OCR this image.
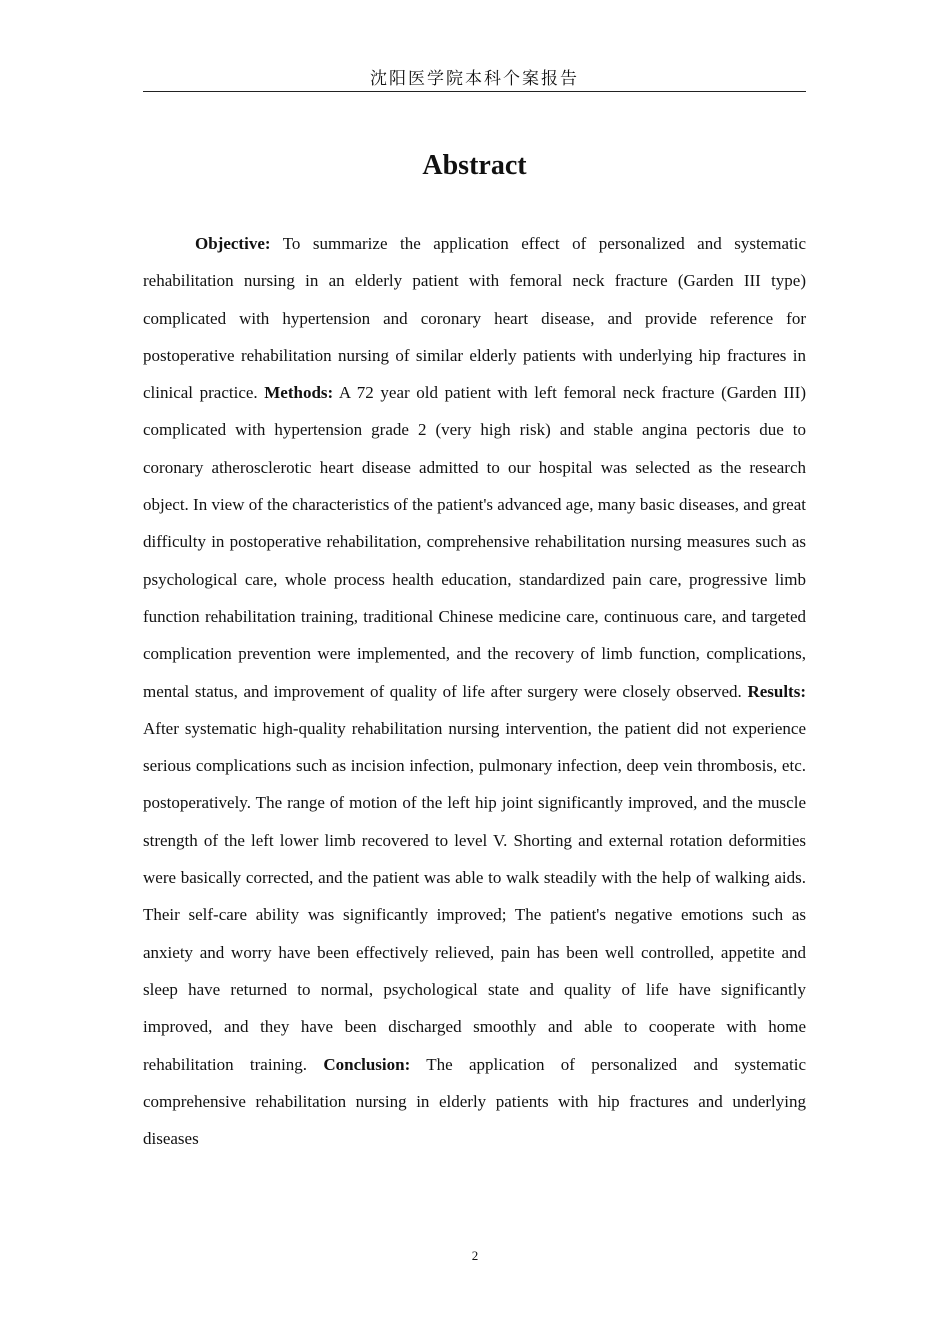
沈阳医学院本科个案报告
Abstract

Objective: To summarize the application effect of personalized and systematic rehabilitation nursing in an elderly patient with femoral neck fracture (Garden III type) complicated with hypertension and coronary heart disease, and provide reference for postoperative rehabilitation nursing of similar elderly patients with underlying hip fractures in clinical practice. Methods: A 72 year old patient with left femoral neck fracture (Garden III) complicated with hypertension grade 2 (very high risk) and stable angina pectoris due to coronary atherosclerotic heart disease admitted to our hospital was selected as the research object. In view of the characteristics of the patient's advanced age, many basic diseases, and great difficulty in postoperative rehabilitation, comprehensive rehabilitation nursing measures such as psychological care, whole process health education, standardized pain care, progressive limb function rehabilitation training, traditional Chinese medicine care, continuous care, and targeted complication prevention were implemented, and the recovery of limb function, complications, mental status, and improvement of quality of life after surgery were closely observed. Results: After systematic high-quality rehabilitation nursing intervention, the patient did not experience serious complications such as incision infection, pulmonary infection, deep vein thrombosis, etc. postoperatively. The range of motion of the left hip joint significantly improved, and the muscle strength of the left lower limb recovered to level V. Shorting and external rotation deformities were basically corrected, and the patient was able to walk steadily with the help of walking aids. Their self-care ability was significantly improved; The patient's negative emotions such as anxiety and worry have been effectively relieved, pain has been well controlled, appetite and sleep have returned to normal, psychological state and quality of life have significantly improved, and they have been discharged smoothly and able to cooperate with home rehabilitation training. Conclusion: The application of personalized and systematic comprehensive rehabilitation nursing in elderly patients with hip fractures and underlying diseases

2
